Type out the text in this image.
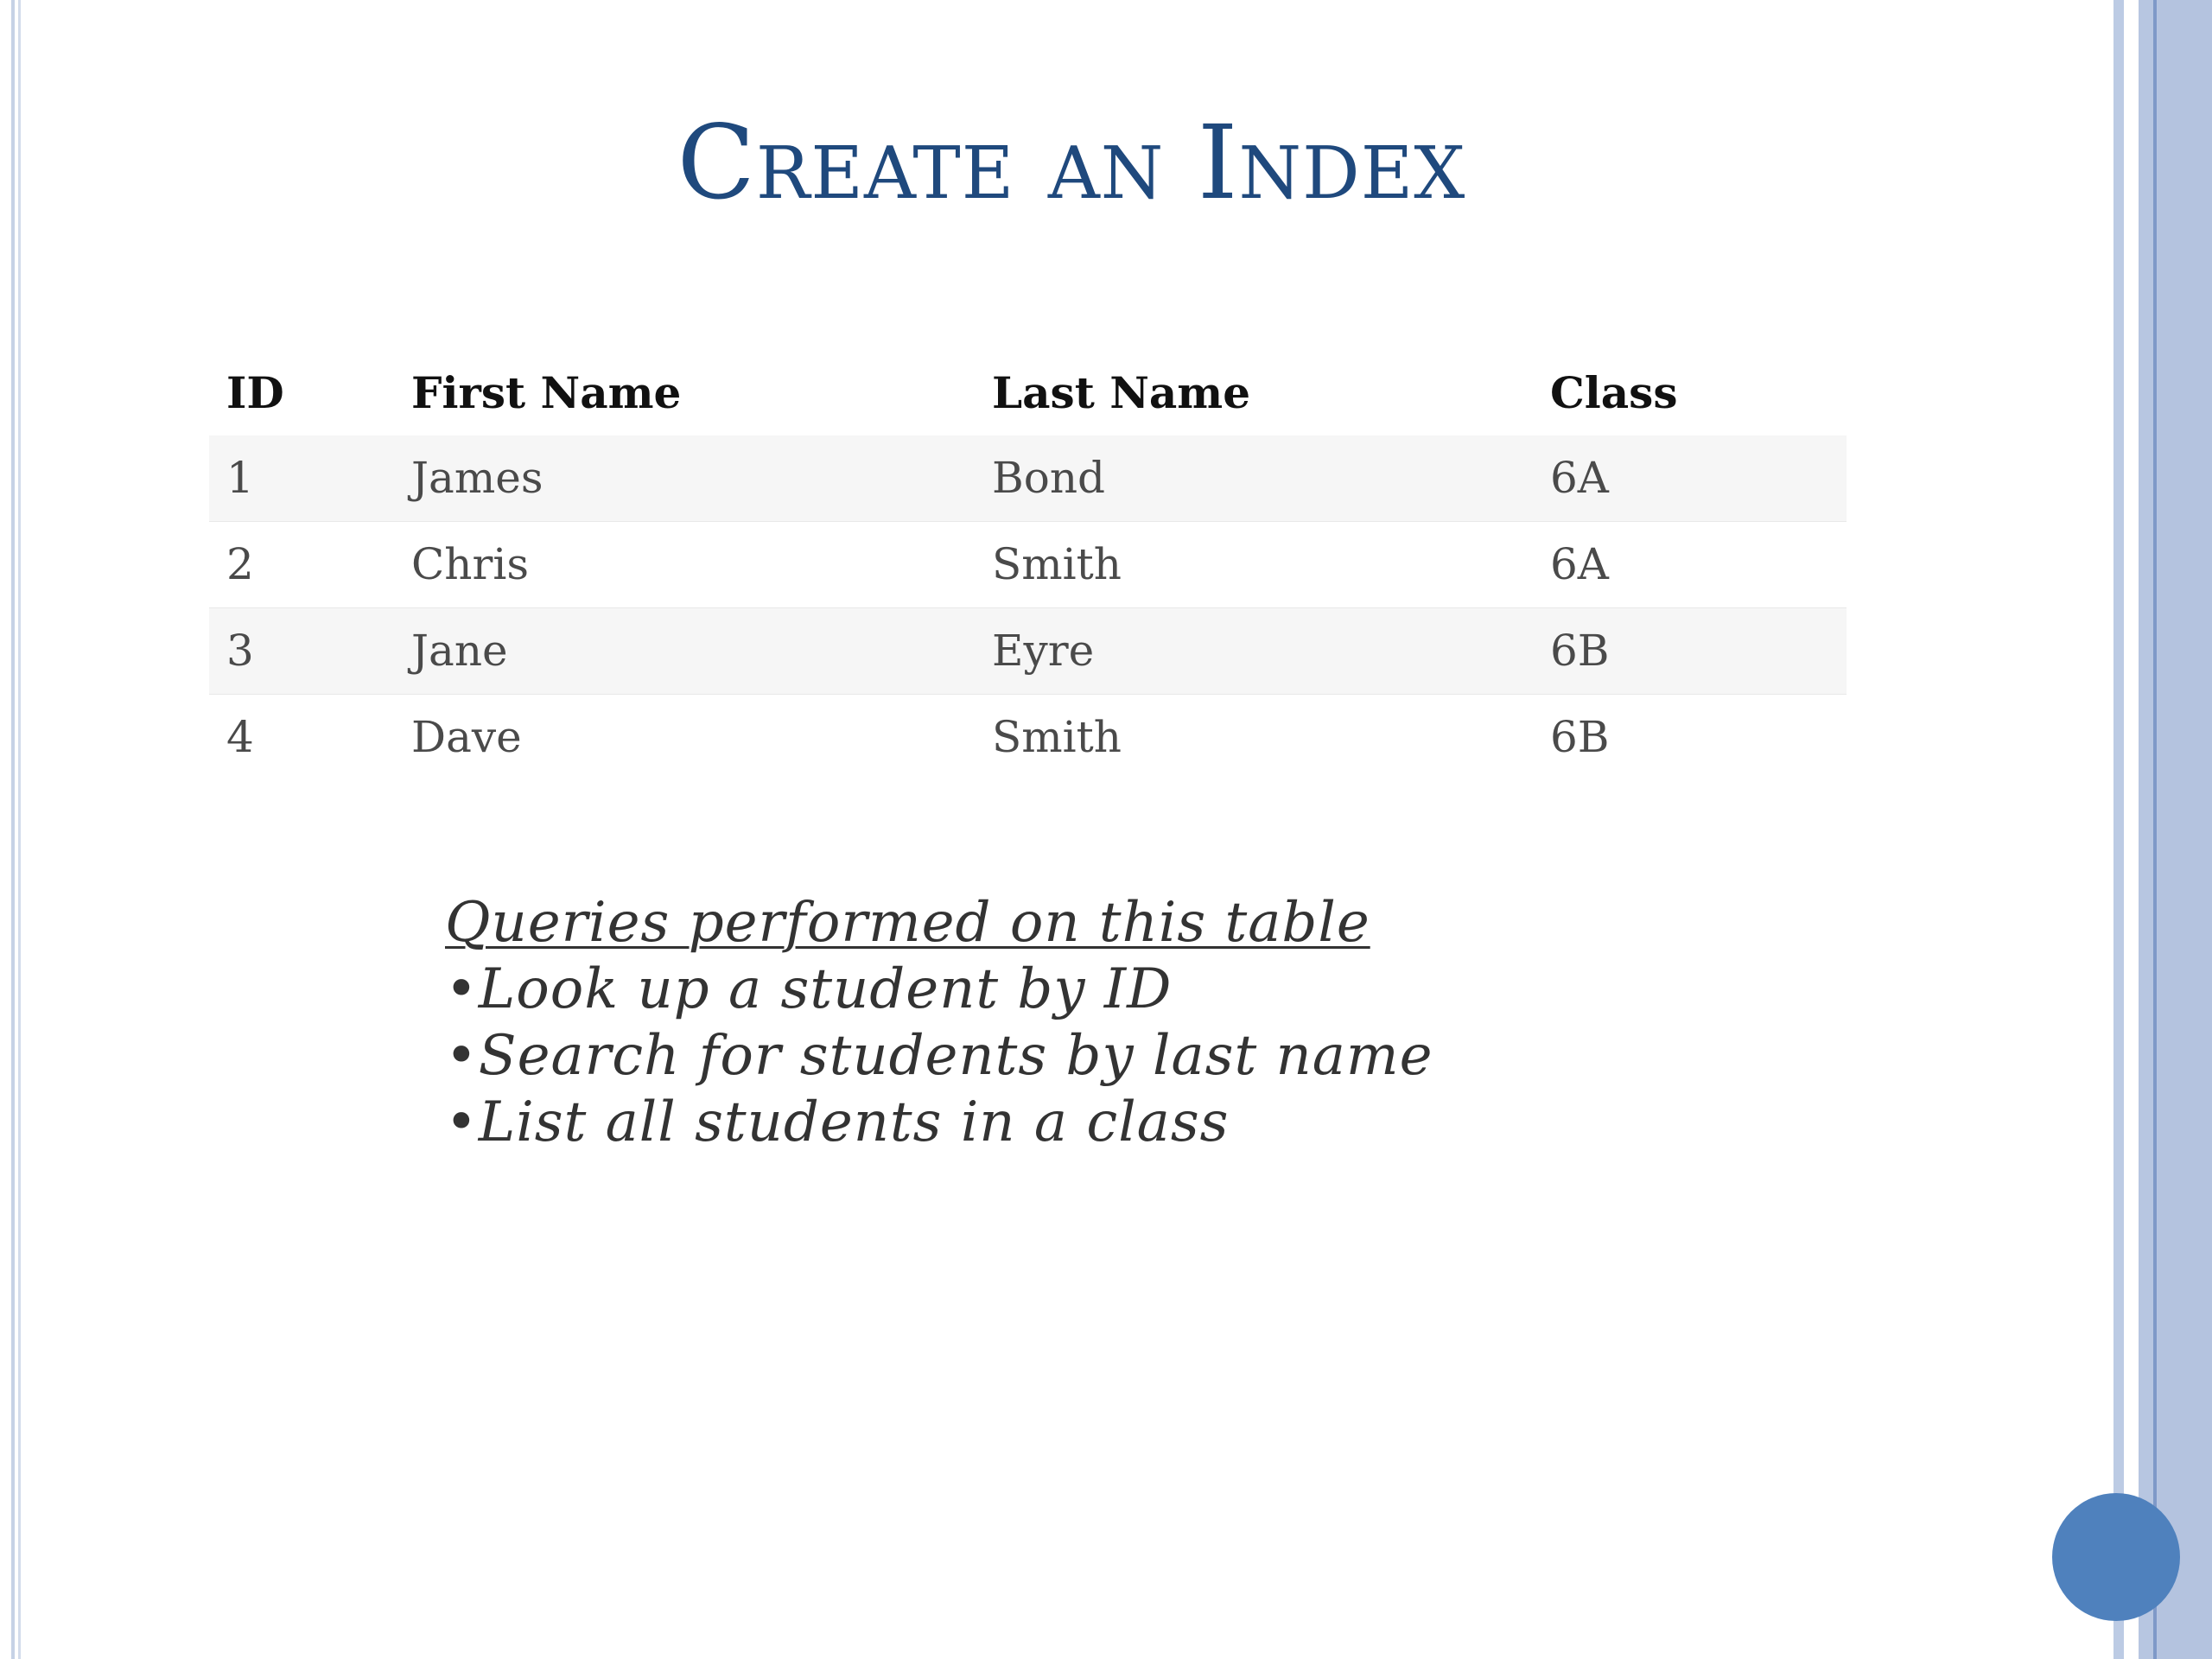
Create an Index
ID	First Name	Last Name	Class
1	James	Bond	6A
2	Chris	Smith	6A
3	Jane	Eyre	6B
4	Dave	Smith	6B
Queries performed on this table
•Look up a student by ID
•Search for students by last name
•List all students in a class
